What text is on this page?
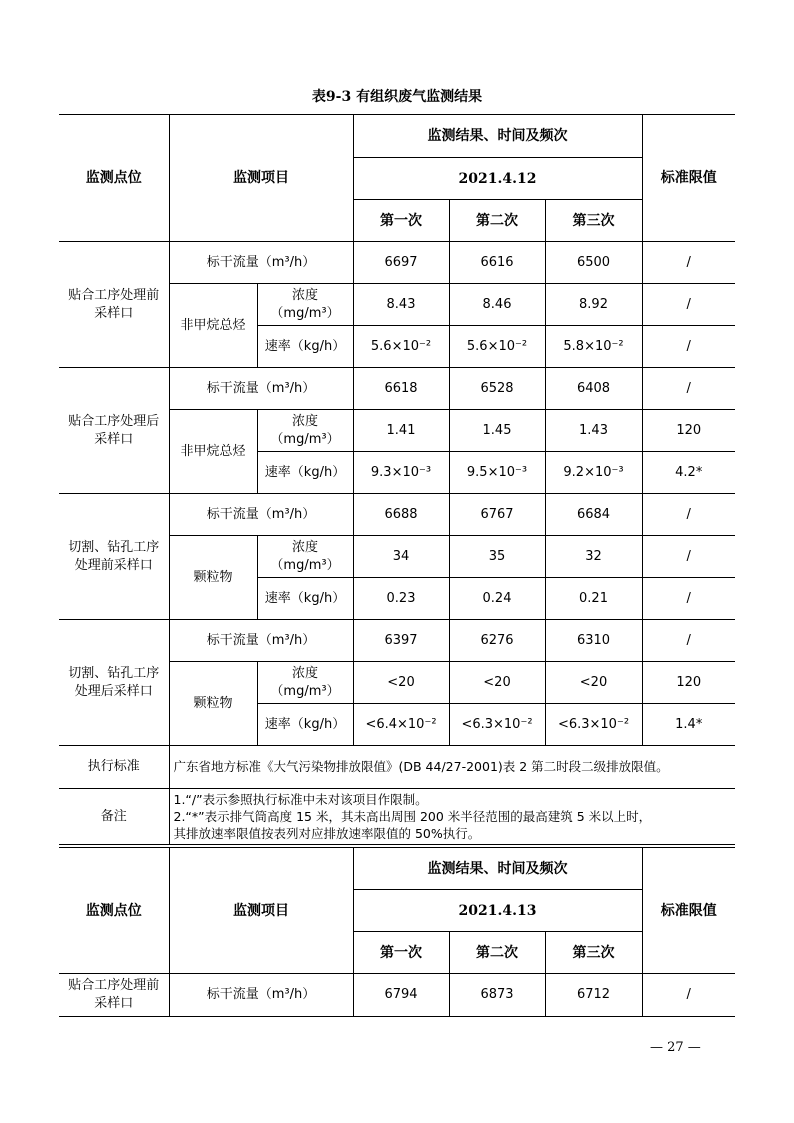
表9-3 有组织废气监测结果
监测点位	监测项目		监测结果、时间及频次			标准限值
			2021.4.12			
			第一次	第二次	第三次	
贴合工序处理前采样口	标干流量（m³/h）		6697	6616	6500	/
	非甲烷总烃	浓度（mg/m³）	8.43	8.46	8.92	/
		速率（kg/h）	5.6×10⁻²	5.6×10⁻²	5.8×10⁻²	/
贴合工序处理后采样口	标干流量（m³/h）		6618	6528	6408	/
	非甲烷总烃	浓度（mg/m³）	1.41	1.45	1.43	120
		速率（kg/h）	9.3×10⁻³	9.5×10⁻³	9.2×10⁻³	4.2*
切割、钻孔工序处理前采样口	标干流量（m³/h）		6688	6767	6684	/
	颗粒物	浓度（mg/m³）	34	35	32	/
		速率（kg/h）	0.23	0.24	0.21	/
切割、钻孔工序处理后采样口	标干流量（m³/h）		6397	6276	6310	/
	颗粒物	浓度（mg/m³）	<20	<20	<20	120
		速率（kg/h）	<6.4×10⁻²	<6.3×10⁻²	<6.3×10⁻²	1.4*
执行标准	广东省地方标准《大气污染物排放限值》(DB 44/27-2001)表 2 第二时段二级排放限值。					
备注	1.“/”表示参照执行标准中未对该项目作限制。
2.“*”表示排气筒高度 15 米，其未高出周围 200 米半径范围的最高建筑 5 米以上时，
其排放速率限值按表列对应排放速率限值的 50%执行。					
监测点位	监测项目	监测结果、时间及频次			标准限值
		2021.4.13			
		第一次	第二次	第三次	
贴合工序处理前采样口	标干流量（m³/h）	6794	6873	6712	/
— 27 —
